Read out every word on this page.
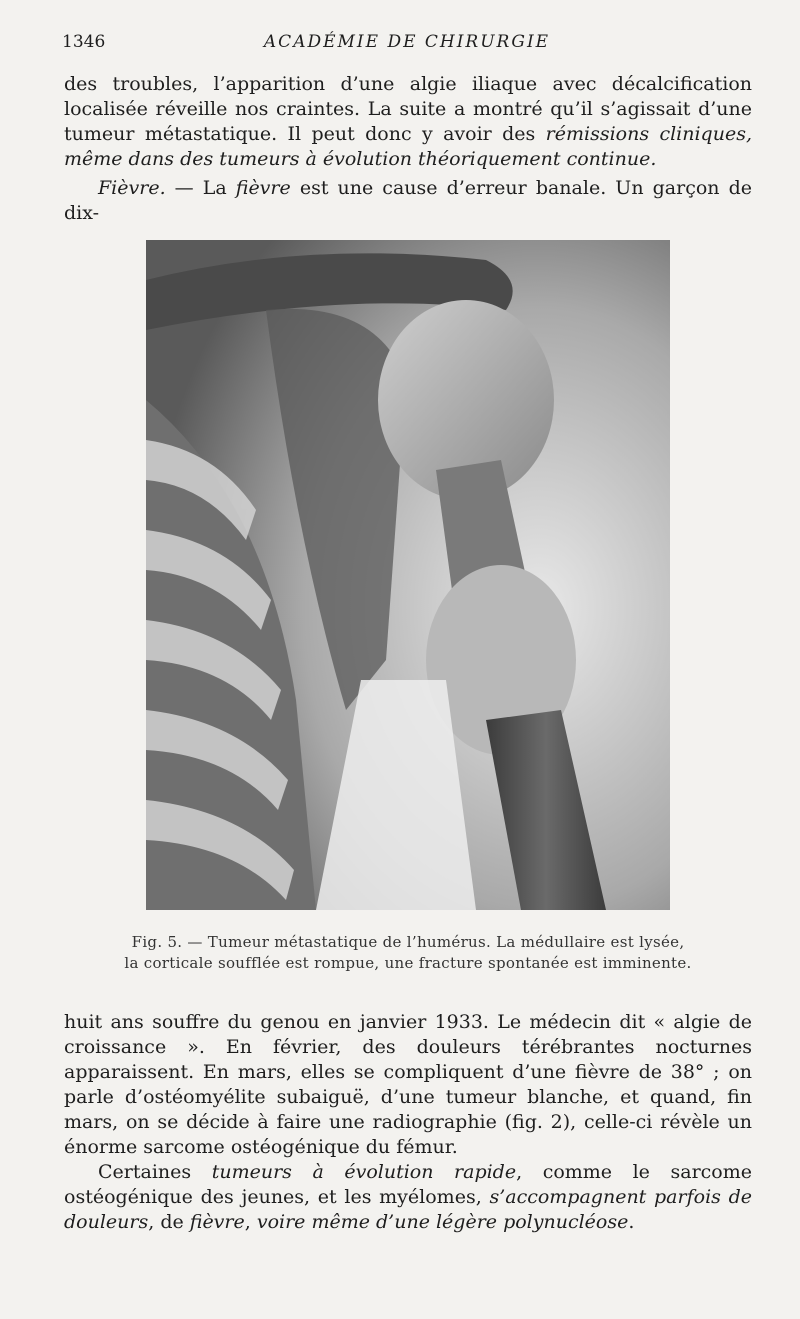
1346	ACADÉMIE DE CHIRURGIE

des troubles, l’apparition d’une algie iliaque avec décalcification localisée réveille nos craintes. La suite a montré qu’il s’agissait d’une tumeur métastatique. Il peut donc y avoir des rémissions cliniques, même dans des tumeurs à évolution théoriquement continue.

Fièvre. — La fièvre est une cause d’erreur banale. Un garçon de dix-

Fig. 5. — Tumeur métastatique de l’humérus. La médullaire est lysée,
la corticale soufflée est rompue, une fracture spontanée est imminente.

huit ans souffre du genou en janvier 1933. Le médecin dit « algie de croissance ». En février, des douleurs térébrantes nocturnes apparaissent. En mars, elles se compliquent d’une fièvre de 38° ; on parle d’ostéomyélite subaiguë, d’une tumeur blanche, et quand, fin mars, on se décide à faire une radiographie (fig. 2), celle-ci révèle un énorme sarcome ostéogénique du fémur.

Certaines tumeurs à évolution rapide, comme le sarcome ostéogénique des jeunes, et les myélomes, s’accompagnent parfois de douleurs, de fièvre, voire même d’une légère polynucléose.
